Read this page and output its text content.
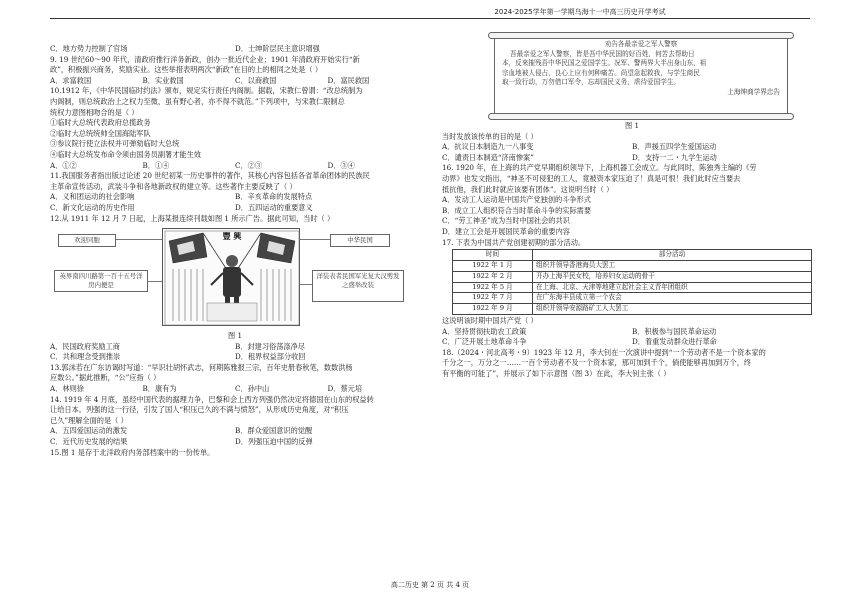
2024-2025学年第一学期乌海十一中高三历史开学考试
C．地方势力控制了官场	D．士绅阶层民主意识增强
9. 19 世纪60～90 年代，清政府推行洋务新政，创办一批近代企业；1901 年清政府开始实行“新
政”，积极振兴商务，奖励实业。这些举措表明两次“新政”在目的上的相同之处是（ ）
A．求富救国	B．实业救国	C．以商救国	D．富民救国
10.1912 年，《中华民国临时约法》颁布，规定实行责任内阁制。据载，宋教仁曾谓：“改总统制为
内阁制，则总统政治上之权力至微，虽有野心者，亦不得不就范。”下列项中，与宋教仁限制总
统权力意图相吻合的是（ ）
①临时大总统代表政府总揽政务
②临时大总统统帅全国海陆军队
③参议院行使立法权并可弹劾临时大总统
④临时大总统发布命令须由国务员副署才能生效
A．①②	B．①④	C．②③	D．③④
11.我国服务者指出版过论述 20 世纪初某一历史事件的著作，其核心内容包括各省革命团体的民族民
主革命宣传活动，武装斗争和各地新政权的建立等。这些著作主要反映了（ ）
A．义和团运动的社会影响	B．辛亥革命的发展特点
C．新文化运动的历史作用	D．五四运动的重要意义
12.从 1911 年 12 月 7 日起，上海某报连续刊载如图 1 所示广告。据此可知，当时（ ）
欢迎同胞
英界南四川路第一百十五号洋房内便是
中华民国
洋装表者民国军光复大汉剪发之盛举改装
豐 興
图 1
A．民国政府奖励工商	B．封建习俗荡涤净尽
C．共和理念受到推崇	D．租界权益部分收回
13.郭沫若在广东访谒时写道：“早识壮胡怀武志，何期陈雅报三宗，百年史册春秋笔，数数洪杨
应数公。”据此推断，“公”应指（ ）
A．林则徐	B．康有为	C．孙中山	D．蔡元培
14. 1919 年 4 月底，虽经中国代表的据理力争，巴黎和会上西方列强仍然决定将德国在山东的权益转
让给日本。列强的这一行径，引发了国人“积压已久的不满与愤怒”，从形成历史角度，对“积压
已久”理解全面的是（ ）
A．五四爱国运动的激发	B．群众爱国意识的觉醒
C．近代历史发展的结果	D．列强压迫中国的反弹
15.图 1 是存于北洋政府内务部档案中的一份传单。
劝告各最亲爱之军人警察
吾最亲爱之军人警察，皆是吾中华民国的好百姓，何苦去帮助日
本，反来摧残吾中华民国之爱国学生。况军、警两界大半出身山东，祖
宗血地被人侵占，良心上应有何种痛苦。尚望急起救我，与学生商民
取一致行动，万勿借口军令，忘却国民义务，虐待爱国学生。
上海绅商学界忠告
图 1
当时发放该传单的目的是（ ）
A．抗议日本制造九一八事变	B．声援五四学生爱国运动
C．谴责日本制造“济南惨案”	D．支持一二・九学生运动
16. 1920 年，在上海的共产党早期组织领导下，上海机器工会成立。与此同时，陈独秀主编的《劳
动界》也发文指出，“神圣不可侵犯的工人，竟被资本家压迫了！真是可恨！我们此时应当要去
抵抗他，我们此时就应该要有团体”。这说明当时（ ）
A．发动工人运动是中国共产党独创的斗争形式
B．成立工人组织符合当时革命斗争的实际需要
C．“劳工神圣”成为当时中国社会的共识
D．建立工会是开展国民革命的重要内容
17. 下表为中国共产党创建初期的部分活动。
时间	部分活动
1922 年 1 月	组织并领导香港海员大罢工
1922 年 2 月	开办上海平民女校，培养妇女运动的骨干
1922 年 5 月	在上海、北京、天津等地建立起社会主义青年团组织
1922 年 7 月	在广东海丰县成立第一个农会
1922 年 9 月	组织并领导安源路矿工人大罢工
这说明该时期中国共产党（ ）
A．坚持贯彻扶助农工政策	B．积极参与国民革命运动
C．广泛开展土地革命斗争	D．着重发动群众进行革命
18.（2024・河北高考・9）1923 年 12 月，李大钊在一次演讲中提到“一个劳动者不是一个资本家的
千分之一，万分之一……一百个劳动者不及一个资本家，那可加到千个，倘使能够再加到万个，终
有平衡的可能了”，并展示了如下示意图（图 3）在此，李大钊主张（ ）
高二历史 第 2 页 共 4 页
